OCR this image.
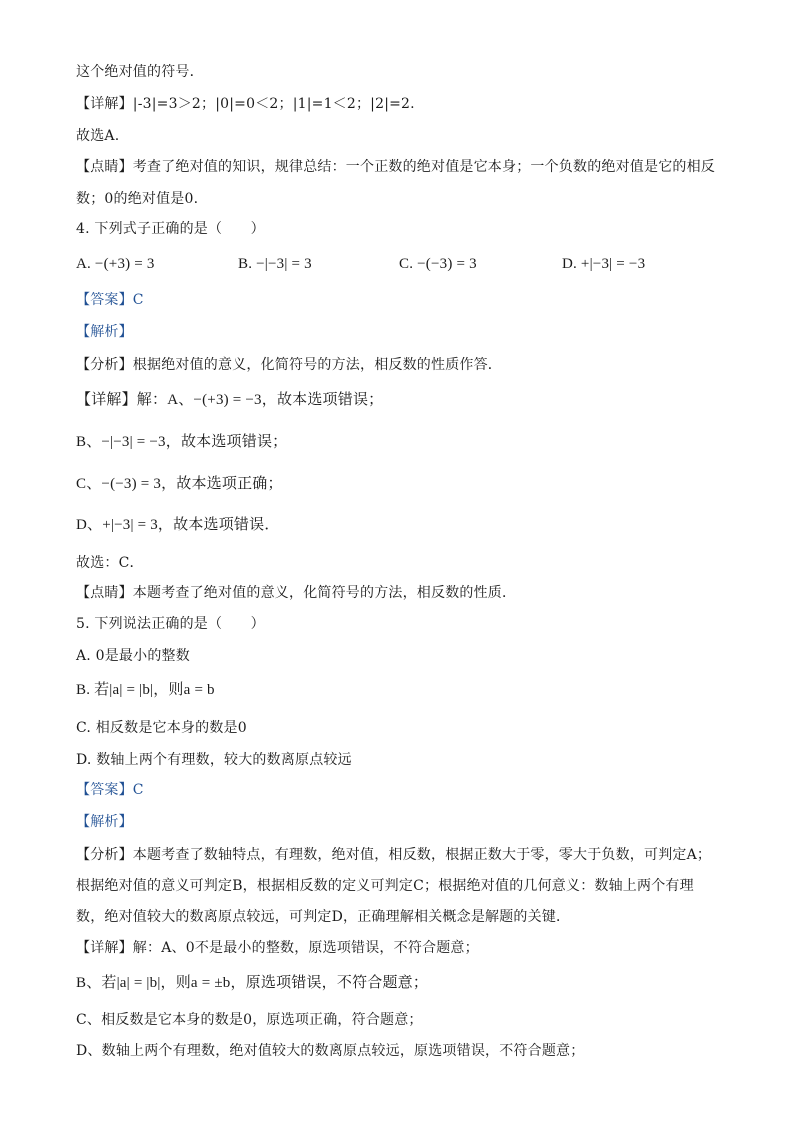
这个绝对值的符号．
【详解】|-3|=3＞2；|0|=0＜2；|1|=1＜2；|2|=2.
故选A.
【点睛】考查了绝对值的知识，规律总结：一个正数的绝对值是它本身；一个负数的绝对值是它的相反
数；0的绝对值是0.
4. 下列式子正确的是（　　）
A. −(+3) = 3	B. −|−3| = 3	C. −(−3) = 3	D. +|−3| = −3
【答案】C
【解析】
【分析】根据绝对值的意义，化简符号的方法，相反数的性质作答．
【详解】解：A、−(+3) = −3，故本选项错误；
B、−|−3| = −3，故本选项错误；
C、−(−3) = 3，故本选项正确；
D、+|−3| = 3，故本选项错误．
故选：C．
【点睛】本题考查了绝对值的意义，化简符号的方法，相反数的性质．
5. 下列说法正确的是（　　）
A. 0是最小的整数
B. 若|a| = |b|，则a = b
C. 相反数是它本身的数是0
D. 数轴上两个有理数，较大的数离原点较远
【答案】C
【解析】
【分析】本题考查了数轴特点，有理数，绝对值，相反数，根据正数大于零，零大于负数，可判定A；
根据绝对值的意义可判定B，根据相反数的定义可判定C；根据绝对值的几何意义：数轴上两个有理
数，绝对值较大的数离原点较远，可判定D，正确理解相关概念是解题的关键．
【详解】解：A、0不是最小的整数，原选项错误，不符合题意；
B、若|a| = |b|，则a = ±b，原选项错误，不符合题意；
C、相反数是它本身的数是0，原选项正确，符合题意；
D、数轴上两个有理数，绝对值较大的数离原点较远，原选项错误，不符合题意；
